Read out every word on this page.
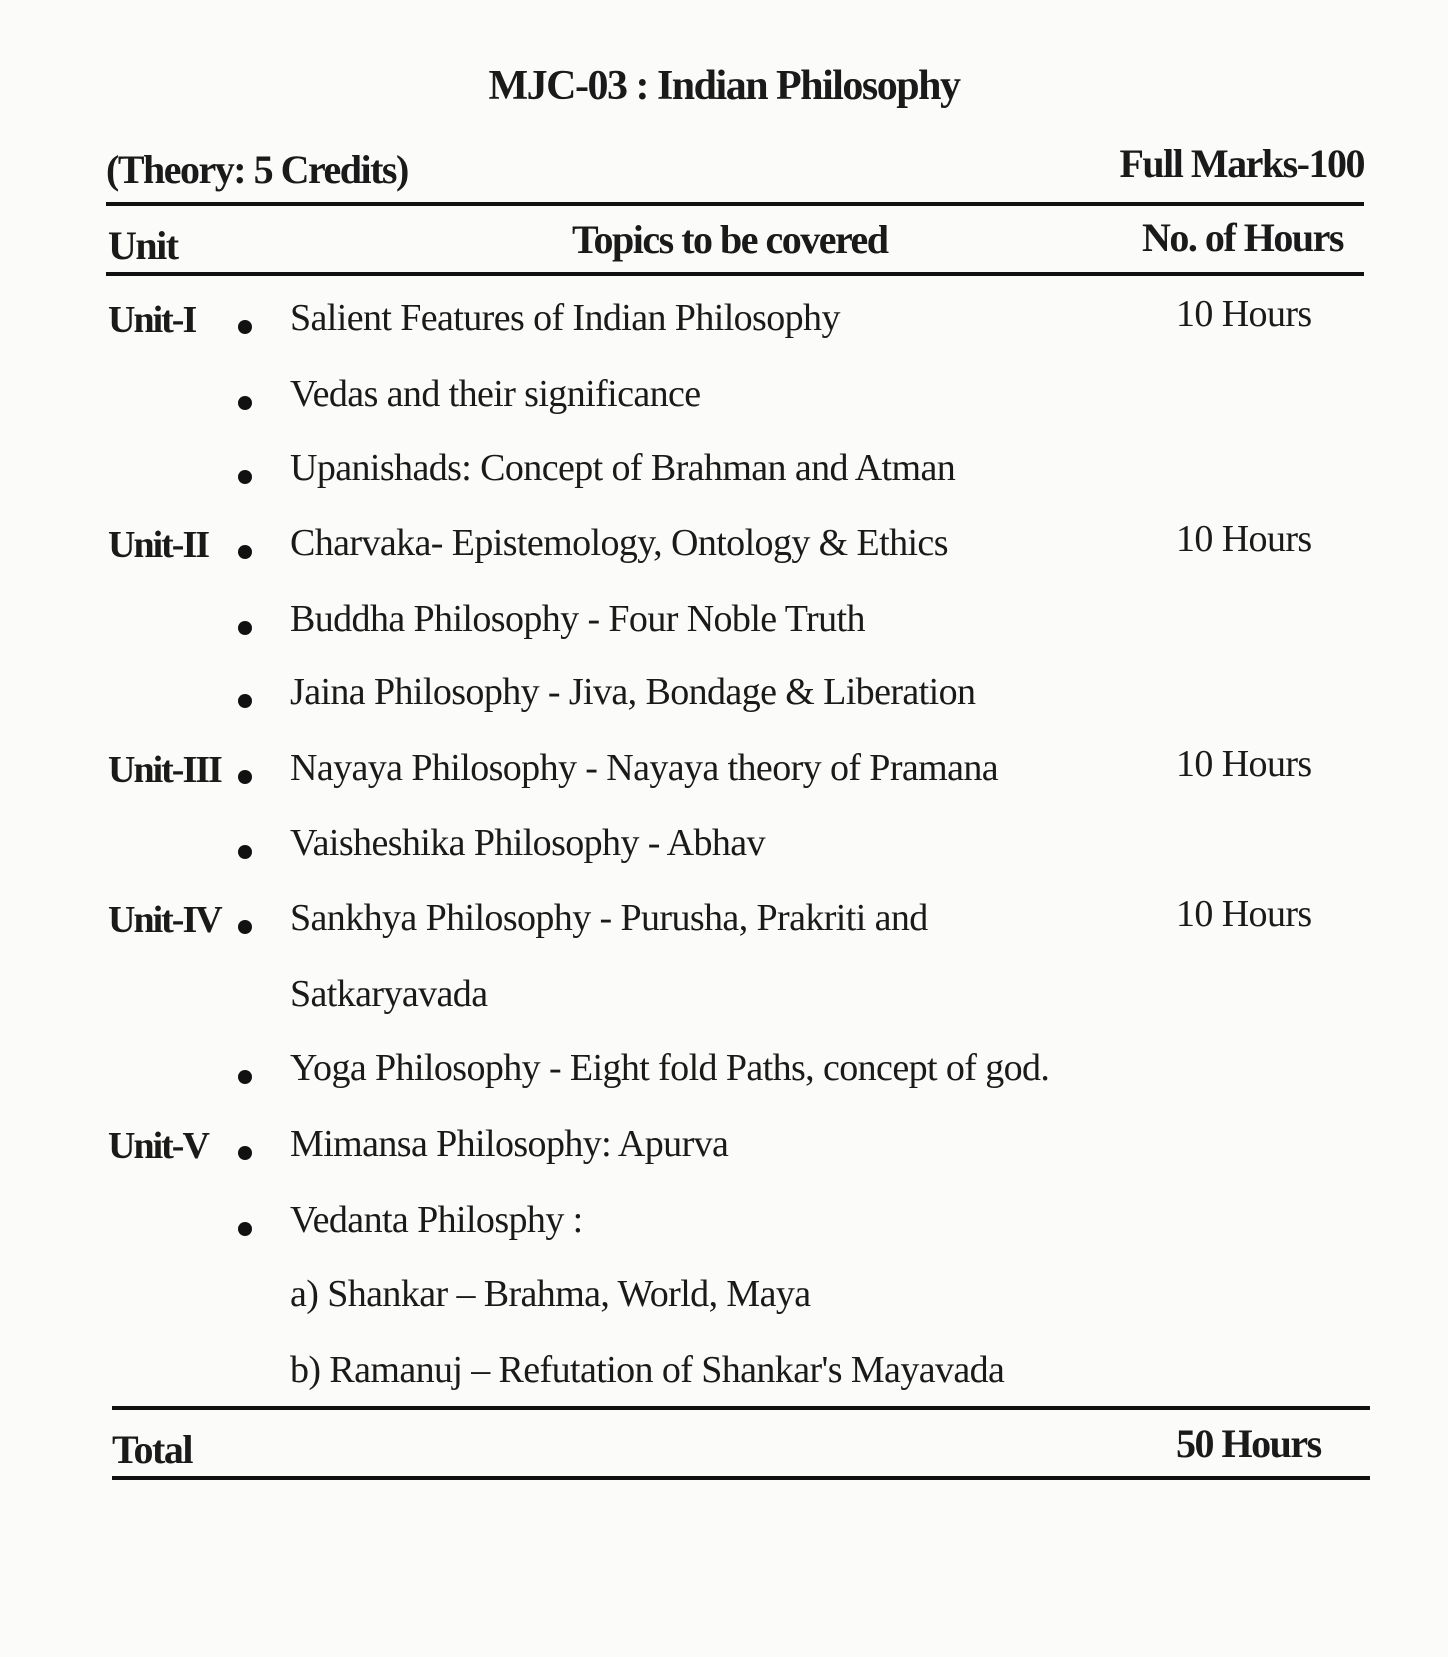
MJC-03 : Indian Philosophy
(Theory: 5 Credits)	Full Marks-100
Unit	Topics to be covered	No. of Hours
Unit-I Salient Features of Indian Philosophy	10 Hours
Vedas and their significance
Upanishads: Concept of Brahman and Atman
Unit-II Charvaka- Epistemology, Ontology & Ethics	10 Hours
Buddha Philosophy - Four Noble Truth
Jaina Philosophy - Jiva, Bondage & Liberation
Unit-III Nayaya Philosophy - Nayaya theory of Pramana	10 Hours
Vaisheshika Philosophy - Abhav
Unit-IV Sankhya Philosophy - Purusha, Prakriti and	10 Hours
Satkaryavada
Yoga Philosophy - Eight fold Paths, concept of god.
Unit-V Mimansa Philosophy: Apurva
Vedanta Philosphy :
a) Shankar – Brahma, World, Maya
b) Ramanuj – Refutation of Shankar's Mayavada
Total	50 Hours
